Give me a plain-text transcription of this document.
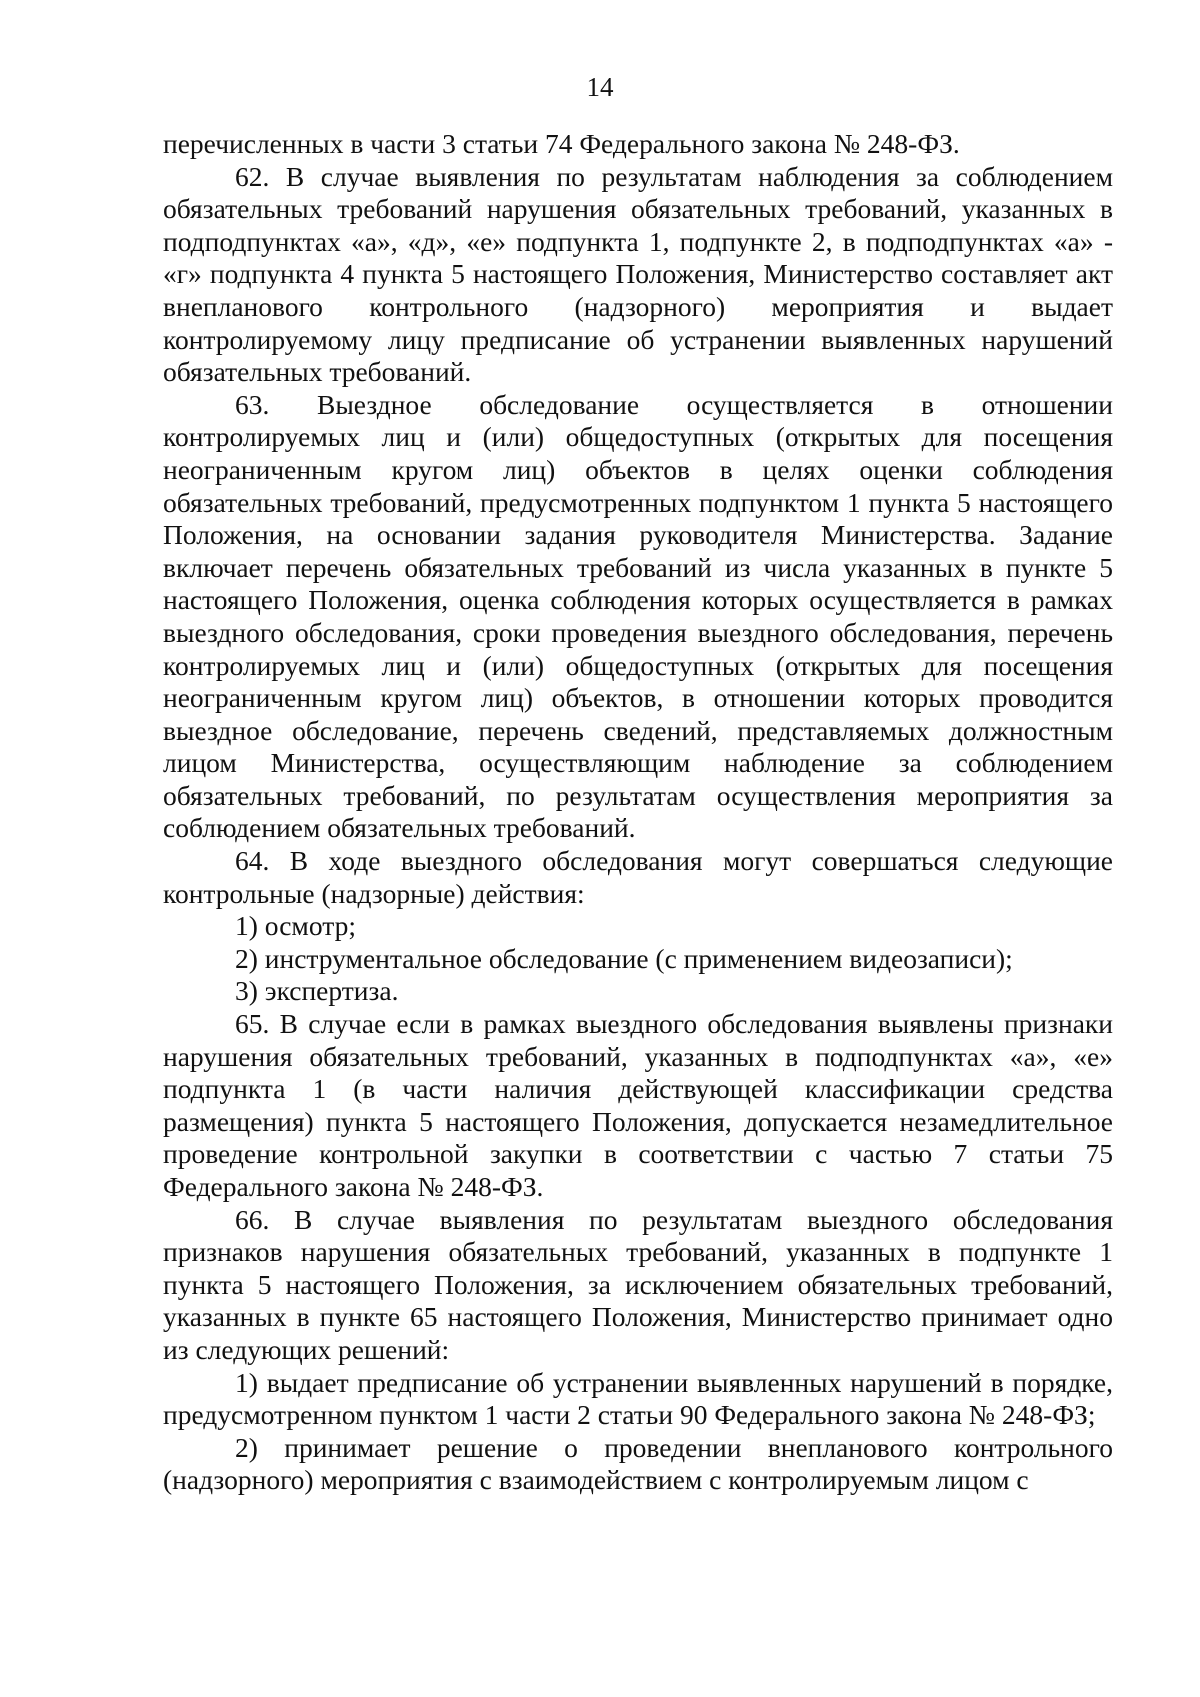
14

перечисленных в части 3 статьи 74 Федерального закона № 248-ФЗ.

62. В случае выявления по результатам наблюдения за соблюдением обязательных требований нарушения обязательных требований, указанных в подподпунктах «а», «д», «е» подпункта 1, подпункте 2, в подподпунктах «а» - «г» подпункта 4 пункта 5 настоящего Положения, Министерство составляет акт внепланового контрольного (надзорного) мероприятия и выдает контролируемому лицу предписание об устранении выявленных нарушений обязательных требований.

63. Выездное обследование осуществляется в отношении контролируемых лиц и (или) общедоступных (открытых для посещения неограниченным кругом лиц) объектов в целях оценки соблюдения обязательных требований, предусмотренных подпунктом 1 пункта 5 настоящего Положения, на основании задания руководителя Министерства. Задание включает перечень обязательных требований из числа указанных в пункте 5 настоящего Положения, оценка соблюдения которых осуществляется в рамках выездного обследования, сроки проведения выездного обследования, перечень контролируемых лиц и (или) общедоступных (открытых для посещения неограниченным кругом лиц) объектов, в отношении которых проводится выездное обследование, перечень сведений, представляемых должностным лицом Министерства, осуществляющим наблюдение за соблюдением обязательных требований, по результатам осуществления мероприятия за соблюдением обязательных требований.

64. В ходе выездного обследования могут совершаться следующие контрольные (надзорные) действия:

1) осмотр;

2) инструментальное обследование (с применением видеозаписи);

3) экспертиза.

65. В случае если в рамках выездного обследования выявлены признаки нарушения обязательных требований, указанных в подподпунктах «а», «е» подпункта 1 (в части наличия действующей классификации средства размещения) пункта 5 настоящего Положения, допускается незамедлительное проведение контрольной закупки в соответствии с частью 7 статьи 75 Федерального закона № 248-ФЗ.

66. В случае выявления по результатам выездного обследования признаков нарушения обязательных требований, указанных в подпункте 1 пункта 5 настоящего Положения, за исключением обязательных требований, указанных в пункте 65 настоящего Положения, Министерство принимает одно из следующих решений:

1) выдает предписание об устранении выявленных нарушений в порядке, предусмотренном пунктом 1 части 2 статьи 90 Федерального закона № 248-ФЗ;

2) принимает решение о проведении внепланового контрольного (надзорного) мероприятия с взаимодействием с контролируемым лицом с
